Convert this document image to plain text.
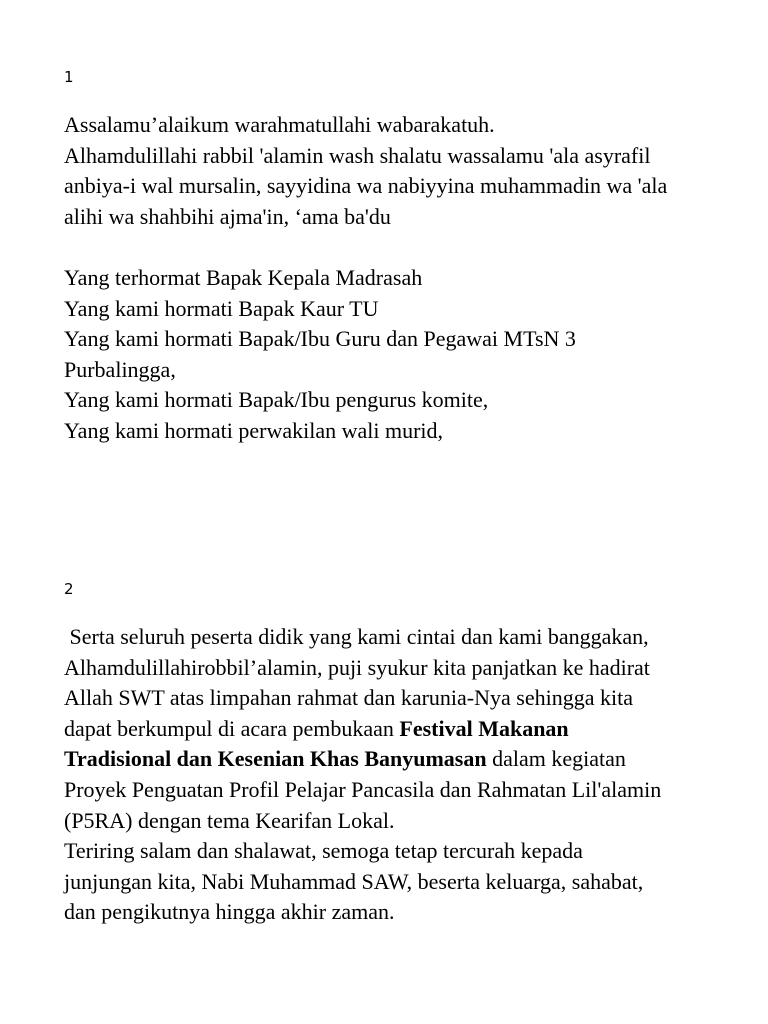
1
Assalamu’alaikum warahmatullahi wabarakatuh.
Alhamdulillahi rabbil 'alamin wash shalatu wassalamu 'ala asyrafil
anbiya-i wal mursalin, sayyidina wa nabiyyina muhammadin wa 'ala
alihi wa shahbihi ajma'in, ‘ama ba'du
Yang terhormat Bapak Kepala Madrasah
Yang kami hormati Bapak Kaur TU
Yang kami hormati Bapak/Ibu Guru dan Pegawai MTsN 3
Purbalingga,
Yang kami hormati Bapak/Ibu pengurus komite,
Yang kami hormati perwakilan wali murid,
2
Serta seluruh peserta didik yang kami cintai dan kami banggakan,
Alhamdulillahirobbil’alamin, puji syukur kita panjatkan ke hadirat
Allah SWT atas limpahan rahmat dan karunia-Nya sehingga kita
dapat berkumpul di acara pembukaan Festival Makanan
Tradisional dan Kesenian Khas Banyumasan dalam kegiatan
Proyek Penguatan Profil Pelajar Pancasila dan Rahmatan Lil'alamin
(P5RA) dengan tema Kearifan Lokal.
Teriring salam dan shalawat, semoga tetap tercurah kepada
junjungan kita, Nabi Muhammad SAW, beserta keluarga, sahabat,
dan pengikutnya hingga akhir zaman.
